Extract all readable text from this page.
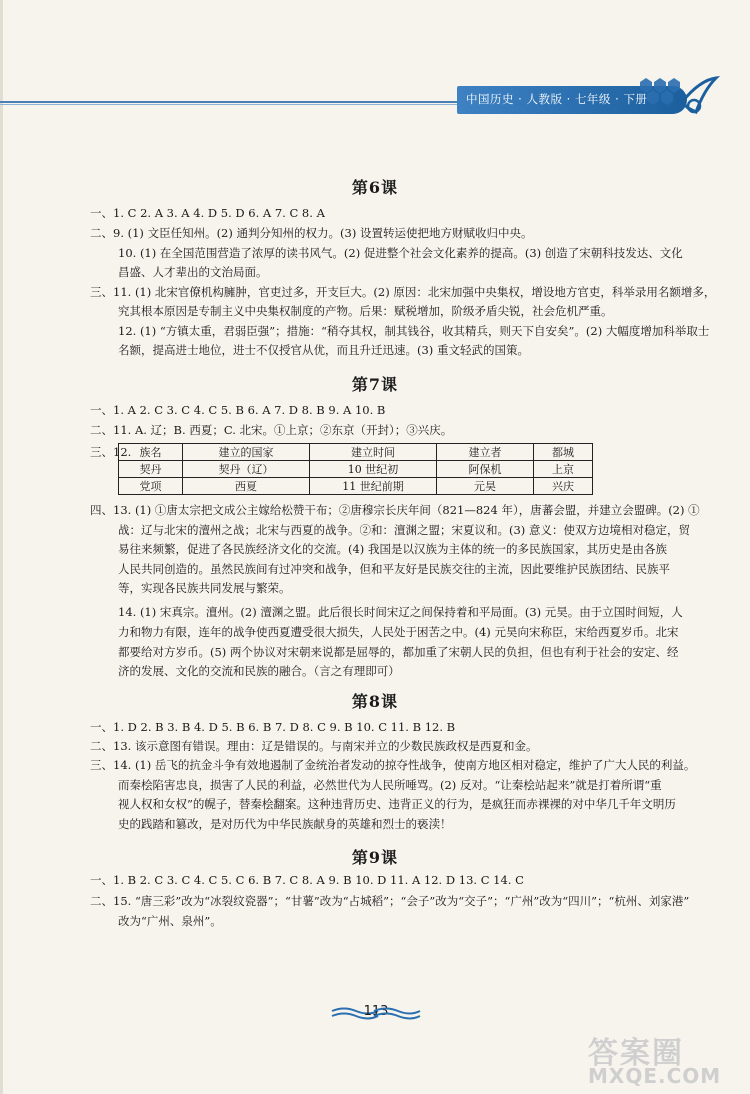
中国历史 · 人教版 · 七年级 · 下册
第6课
一、1. C 2. A 3. A 4. D 5. D 6. A 7. C 8. A
二、9. (1) 文臣任知州。(2) 通判分知州的权力。(3) 设置转运使把地方财赋收归中央。
10. (1) 在全国范围营造了浓厚的读书风气。(2) 促进整个社会文化素养的提高。(3) 创造了宋朝科技发达、文化
昌盛、人才辈出的文治局面。
三、11. (1) 北宋官僚机构臃肿，官吏过多，开支巨大。(2) 原因：北宋加强中央集权，增设地方官吏，科举录用名额增多，
究其根本原因是专制主义中央集权制度的产物。后果：赋税增加，阶级矛盾尖锐，社会危机严重。
12. (1) “方镇太重，君弱臣强”；措施：“稍夺其权，制其钱谷，收其精兵，则天下自安矣”。(2) 大幅度增加科举取士
名额，提高进士地位，进士不仅授官从优，而且升迁迅速。(3) 重文轻武的国策。
第7课
一、1. A 2. C 3. C 4. C 5. B 6. A 7. D 8. B 9. A 10. B
二、11. A. 辽；B. 西夏；C. 北宋。①上京；②东京（开封）；③兴庆。
三、12. 族名	建立的国家	建立时间	建立者	都城
契丹	契丹（辽）	10 世纪初	阿保机	上京
党项	西夏	11 世纪前期	元昊	兴庆
四、13. (1) ①唐太宗把文成公主嫁给松赞干布；②唐穆宗长庆年间（821—824 年），唐蕃会盟，并建立会盟碑。(2) ①
战：辽与北宋的澶州之战；北宋与西夏的战争。②和：澶渊之盟；宋夏议和。(3) 意义：使双方边境相对稳定，贸
易往来频繁，促进了各民族经济文化的交流。(4) 我国是以汉族为主体的统一的多民族国家，其历史是由各族
人民共同创造的。虽然民族间有过冲突和战争，但和平友好是民族交往的主流，因此要维护民族团结、民族平
等，实现各民族共同发展与繁荣。
14. (1) 宋真宗。澶州。(2) 澶渊之盟。此后很长时间宋辽之间保持着和平局面。(3) 元昊。由于立国时间短，人
力和物力有限，连年的战争使西夏遭受很大损失，人民处于困苦之中。(4) 元昊向宋称臣，宋给西夏岁币。北宋
都要给对方岁币。(5) 两个协议对宋朝来说都是屈辱的，都加重了宋朝人民的负担，但也有利于社会的安定、经
济的发展、文化的交流和民族的融合。（言之有理即可）
第8课
一、1. D 2. B 3. B 4. D 5. B 6. B 7. D 8. C 9. B 10. C 11. B 12. B
二、13. 该示意图有错误。理由：辽是错误的。与南宋并立的少数民族政权是西夏和金。
三、14. (1) 岳飞的抗金斗争有效地遏制了金统治者发动的掠夺性战争，使南方地区相对稳定，维护了广大人民的利益。
而秦桧陷害忠良，损害了人民的利益，必然世代为人民所唾骂。(2) 反对。“让秦桧站起来”就是打着所谓“重
视人权和女权”的幌子，替秦桧翻案。这种违背历史、违背正义的行为，是疯狂而赤裸裸的对中华几千年文明历
史的践踏和篡改，是对历代为中华民族献身的英雄和烈士的亵渎！
第9课
一、1. B 2. C 3. C 4. C 5. C 6. B 7. C 8. A 9. B 10. D 11. A 12. D 13. C 14. C
二、15. “唐三彩”改为“冰裂纹瓷器”；“甘薯”改为“占城稻”；“会子”改为“交子”；“广州”改为“四川”；“杭州、刘家港”
改为“广州、泉州”。
113
答案圈
MXQE.COM
